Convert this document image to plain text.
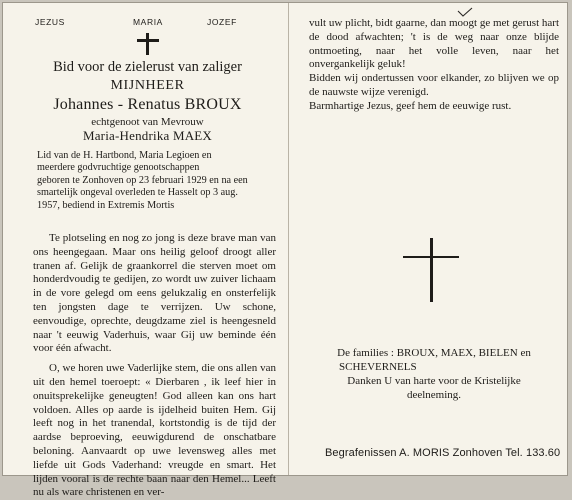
JEZUS	MARIA	JOZEF
Bid voor de zielerust van zaliger
MIJNHEER
Johannes - Renatus BROUX
echtgenoot van Mevrouw
Maria-Hendrika MAEX
Lid van de H. Hartbond, Maria Legioen en
meerdere godvruchtige genootschappen
geboren te Zonhoven op 23 februari 1929 en na een
smartelijk ongeval overleden te Hasselt op 3 aug.
1957, bediend in Extremis Mortis
Te plotseling en nog zo jong is deze brave man van ons heengegaan. Maar ons heilig geloof droogt aller tranen af. Gelijk de graankorrel die sterven moet om honderdvoudig te gedijen, zo wordt uw zuiver lichaam in de vore gelegd om eens gelukzalig en onsterfelijk ten jongsten dage te verrijzen. Uw schone, eenvoudige, oprechte, deugdzame ziel is heengesneld naar 't eeuwig Vaderhuis, waar Gij uw beminde één voor één afwacht.
O, we horen uwe Vaderlijke stem, die ons allen van uit den hemel toeroept: « Dierbaren , ik leef hier in onuitsprekelijke geneugten! God alleen kan ons hart voldoen. Alles op aarde is ijdelheid buiten Hem. Gij leeft nog in het tranendal, kortstondig is de tijd der aardse beproeving, eeuwigdurend de onschatbare beloning. Aanvaardt op uwe levensweg alles met liefde uit Gods Vaderhand: vreugde en smart. Het lijden vooral is de rechte baan naar den Hemel... Leeft nu als ware christenen en ver-

vult uw plicht, bidt gaarne, dan moogt ge met gerust hart de dood afwachten; 't is de weg naar onze blijde ontmoeting, naar het volle leven, naar het onvergankelijk geluk!

Bidden wij ondertussen voor elkander, zo blijven we op de nauwste wijze verenigd.

Barmhartige Jezus, geef hem de eeuwige rust.

De families : BROUX, MAEX, BIELEN en
SCHEVERNELS
Danken U van harte voor de Kristelijke
deelneming.
Begrafenissen A. MORIS Zonhoven Tel. 133.60
